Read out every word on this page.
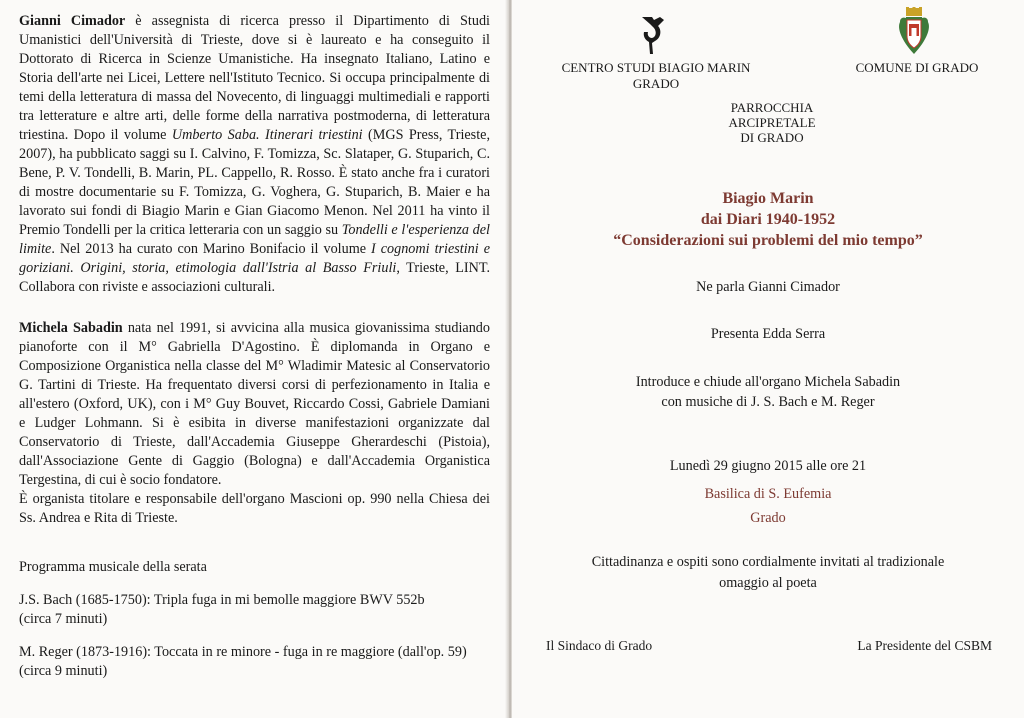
Gianni Cimador è assegnista di ricerca presso il Dipartimento di Studi Umanistici dell'Università di Trieste, dove si è laureato e ha conseguito il Dottorato di Ricerca in Scienze Umanistiche. Ha insegnato Italiano, Latino e Storia dell'arte nei Licei, Lettere nell'Istituto Tecnico. Si occupa principalmente di temi della letteratura di massa del Novecento, di linguaggi multimediali e rapporti tra letterature e altre arti, delle forme della narrativa postmoderna, di letteratura triestina. Dopo il volume Umberto Saba. Itinerari triestini (MGS Press, Trieste, 2007), ha pubblicato saggi su I. Calvino, F. Tomizza, Sc. Slataper, G. Stuparich, C. Bene, P. V. Tondelli, B. Marin, PL. Cappello, R. Rosso. È stato anche fra i curatori di mostre documentarie su F. Tomizza, G. Voghera, G. Stuparich, B. Maier e ha lavorato sui fondi di Biagio Marin e Gian Giacomo Menon. Nel 2011 ha vinto il Premio Tondelli per la critica letteraria con un saggio su Tondelli e l'esperienza del limite. Nel 2013 ha curato con Marino Bonifacio il volume I cognomi triestini e goriziani. Origini, storia, etimologia dall'Istria al Basso Friuli, Trieste, LINT. Collabora con riviste e associazioni culturali.

Michela Sabadin nata nel 1991, si avvicina alla musica giovanissima studiando pianoforte con il M° Gabriella D'Agostino. È diplomanda in Organo e Composizione Organistica nella classe del M° Wladimir Matesic al Conservatorio G. Tartini di Trieste. Ha frequentato diversi corsi di perfezionamento in Italia e all'estero (Oxford, UK), con i M° Guy Bouvet, Riccardo Cossi, Gabriele Damiani e Ludger Lohmann. Si è esibita in diverse manifestazioni organizzate dal Conservatorio di Trieste, dall'Accademia Giuseppe Gherardeschi (Pistoia), dall'Associazione Gente di Gaggio (Bologna) e dall'Accademia Organistica Tergestina, di cui è socio fondatore.

È organista titolare e responsabile dell'organo Mascioni op. 990 nella Chiesa dei Ss. Andrea e Rita di Trieste.

Programma musicale della serata

J.S. Bach (1685-1750): Tripla fuga in mi bemolle maggiore BWV 552b
(circa 7 minuti)
M. Reger (1873-1916): Toccata in re minore - fuga in re maggiore (dall'op. 59)
(circa 9 minuti)
CENTRO STUDI BIAGIO MARIN
GRADO
COMUNE DI GRADO
PARROCCHIA
ARCIPRETALE
DI GRADO
Biagio Marin
dai Diari 1940-1952
“Considerazioni sui problemi del mio tempo”
Ne parla Gianni Cimador
Presenta Edda Serra
Introduce e chiude all'organo Michela Sabadin
con musiche di J. S. Bach e M. Reger
Lunedì 29 giugno 2015 alle ore 21
Basilica di S. Eufemia
Grado
Cittadinanza e ospiti sono cordialmente invitati al tradizionale
omaggio al poeta
Il Sindaco di Grado	La Presidente del CSBM
